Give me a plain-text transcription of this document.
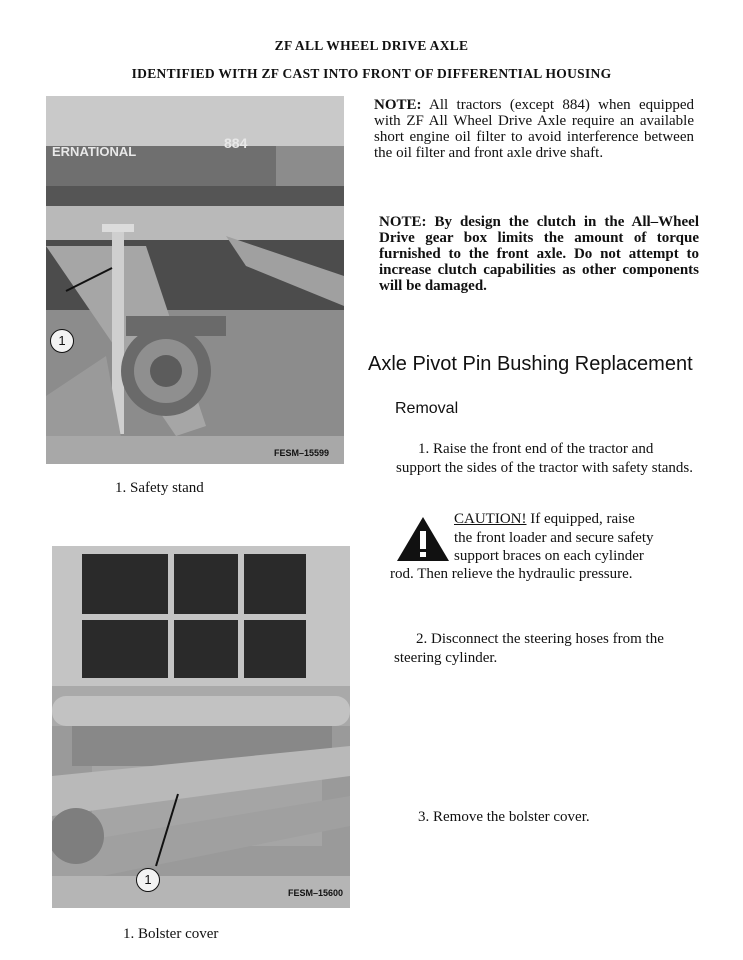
ZF ALL WHEEL DRIVE AXLE
IDENTIFIED WITH ZF CAST INTO FRONT OF DIFFERENTIAL HOUSING
ERNATIONAL
884
1
FESM–15599
1. Safety stand
1
FESM–15600
1. Bolster cover
NOTE: All tractors (except 884) when equipped with ZF All Wheel Drive Axle require an available short engine oil filter to avoid interference between the oil filter and front axle drive shaft.
NOTE: By design the clutch in the All–Wheel Drive gear box limits the amount of torque furnished to the front axle. Do not attempt to increase clutch capabilities as other components will be damaged.
Axle Pivot Pin Bushing Replacement
Removal
1. Raise the front end of the tractor and support the sides of the tractor with safety stands.
CAUTION! If equipped, raise
the front loader and secure safety
support braces on each cylinder
rod. Then relieve the hydraulic pressure.
2. Disconnect the steering hoses from the steering cylinder.
3. Remove the bolster cover.
